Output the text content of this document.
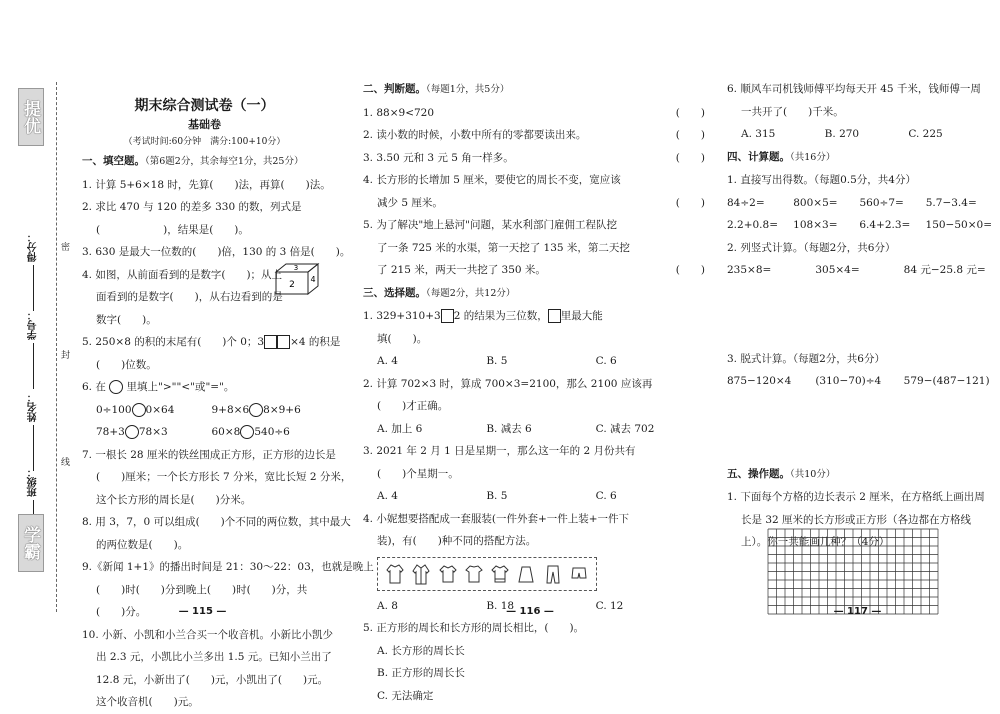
提优
得分：
学号：
姓名：
班级：
密
封
线
学霸
期末综合测试卷（一）
基础卷
（考试时间:60分钟　满分:100+10分）
一、填空题。（第6题2分，其余每空1分，共25分）
1. 计算 5+6×18 时，先算(　　)法，再算(　　)法。
2. 求比 470 与 120 的差多 330 的数，列式是
(　　　　　　)，结果是(　　)。
3. 630 是最大一位数的(　　)倍，130 的 3 倍是(　　)。
4. 如图，从前面看到的是数字(　　)；从上
面看到的是数字(　　)，从右边看到的是
数字(　　)。
5. 250×8 的积的末尾有(　　)个 0；3 ×4 的积是
(　　)位数。
6. 在 里填上">""<"或"="。
0÷100 0×64	9+8×6 8×9+6
78+3 78×3	60×8 540÷6
7. 一根长 28 厘米的铁丝围成正方形，正方形的边长是
(　　)厘米；一个长方形长 7 分米，宽比长短 2 分米，
这个长方形的周长是(　　)分米。
8. 用 3，7，0 可以组成(　　)个不同的两位数，其中最大
的两位数是(　　)。
9.《新闻 1+1》的播出时间是 21：30～22：03，也就是晚上
(　　)时(　　)分到晚上(　　)时(　　)分，共
(　　)分。
10. 小新、小凯和小兰合买一个收音机。小新比小凯少
出 2.3 元，小凯比小兰多出 1.5 元。已知小兰出了
12.8 元，小新出了(　　)元，小凯出了(　　)元。
这个收音机(　　)元。
3
2
4
— 115 —
二、判断题。（每题1分，共5分）
1. 88×9<720	(　　)
2. 读小数的时候，小数中所有的零都要读出来。	(　　)
3. 3.50 元和 3 元 5 角一样多。	(　　)
4. 长方形的长增加 5 厘米，要使它的周长不变，宽应该
减少 5 厘米。	(　　)
5. 为了解决"地上悬河"问题，某水利部门雇佣工程队挖
了一条 725 米的水渠，第一天挖了 135 米，第二天挖
了 215 米，两天一共挖了 350 米。	(　　)
三、选择题。（每题2分，共12分）
1. 329+310+3 2 的结果为三位数， 里最大能
填(　　)。
A. 4	B. 5	C. 6
2. 计算 702×3 时，算成 700×3=2100，那么 2100 应该再
(　　)才正确。
A. 加上 6	B. 减去 6	C. 减去 702
3. 2021 年 2 月 1 日是星期一，那么这一年的 2 月份共有
(　　)个星期一。
A. 4	B. 5	C. 6
4. 小妮想要搭配成一套服装(一件外套+一件上装+一件下
装)，有(　　)种不同的搭配方法。
A. 8	B. 18	C. 12
5. 正方形的周长和长方形的周长相比，(　　)。
A. 长方形的周长长
B. 正方形的周长长
C. 无法确定
— 116 —
6. 顺风车司机钱师傅平均每天开 45 千米，钱师傅一周
一共开了(　　)千米。
A. 315	B. 270	C. 225
四、计算题。（共16分）
1. 直接写出得数。（每题0.5分，共4分）
84÷2=	800×5=	560÷7=	5.7−3.4=
2.2+0.8=	108×3=	6.4+2.3=	150−50×0=
2. 列竖式计算。（每题2分，共6分）
235×8=	305×4=	84 元−25.8 元=
3. 脱式计算。（每题2分，共6分）
875−120×4	(310−70)÷4	579−(487−121)
五、操作题。（共10分）
1. 下面每个方格的边长表示 2 厘米，在方格纸上画出周
长是 32 厘米的长方形或正方形（各边都在方格线
上）。你一共能画几种？（4分）
— 117 —
